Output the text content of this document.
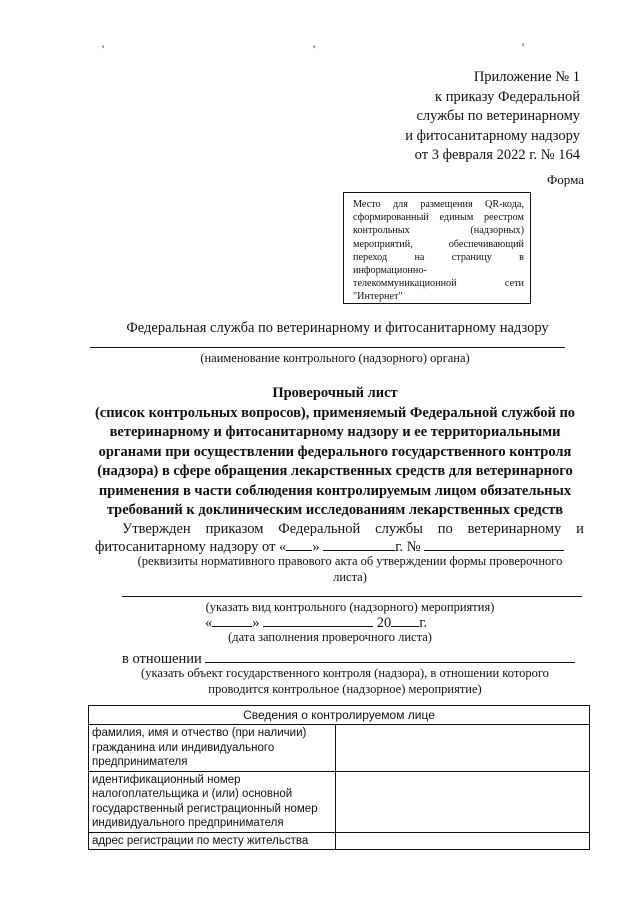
'	'	'
Приложение № 1
к приказу Федеральной
службы по ветеринарному
и фитосанитарному надзору
от 3 февраля 2022 г. № 164
Форма
Место для размещения QR-кода,
сформированный единым реестром
контрольных (надзорных)
мероприятий, обеспечивающий
переход на страницу в
информационно-
телекоммуникационной сети
"Интернет"
Федеральная служба по ветеринарному и фитосанитарному надзору
(наименование контрольного (надзорного) органа)
Проверочный лист
(список контрольных вопросов), применяемый Федеральной службой по
ветеринарному и фитосанитарному надзору и ее территориальными
органами при осуществлении федерального государственного контроля
(надзора) в сфере обращения лекарственных средств для ветеринарного
применения в части соблюдения контролируемым лицом обязательных
требований к доклиническим исследованиям лекарственных средств
Утвержден приказом Федеральной службы по ветеринарному и
фитосанитарному надзору от « »	г. №
(реквизиты нормативного правового акта об утверждении формы проверочного
листа)
(указать вид контрольного (надзорного) мероприятия)
«	»	20 г.
(дата заполнения проверочного листа)
в отношении
(указать объект государственного контроля (надзора), в отношении которого
проводится контрольное (надзорное) мероприятие)
Сведения о контролируемом лице	
фамилия, имя и отчество (при наличии) гражданина или индивидуального предпринимателя	
идентификационный номер налогоплательщика и (или) основной государственный регистрационный номер индивидуального предпринимателя	
адрес регистрации по месту жительства	
